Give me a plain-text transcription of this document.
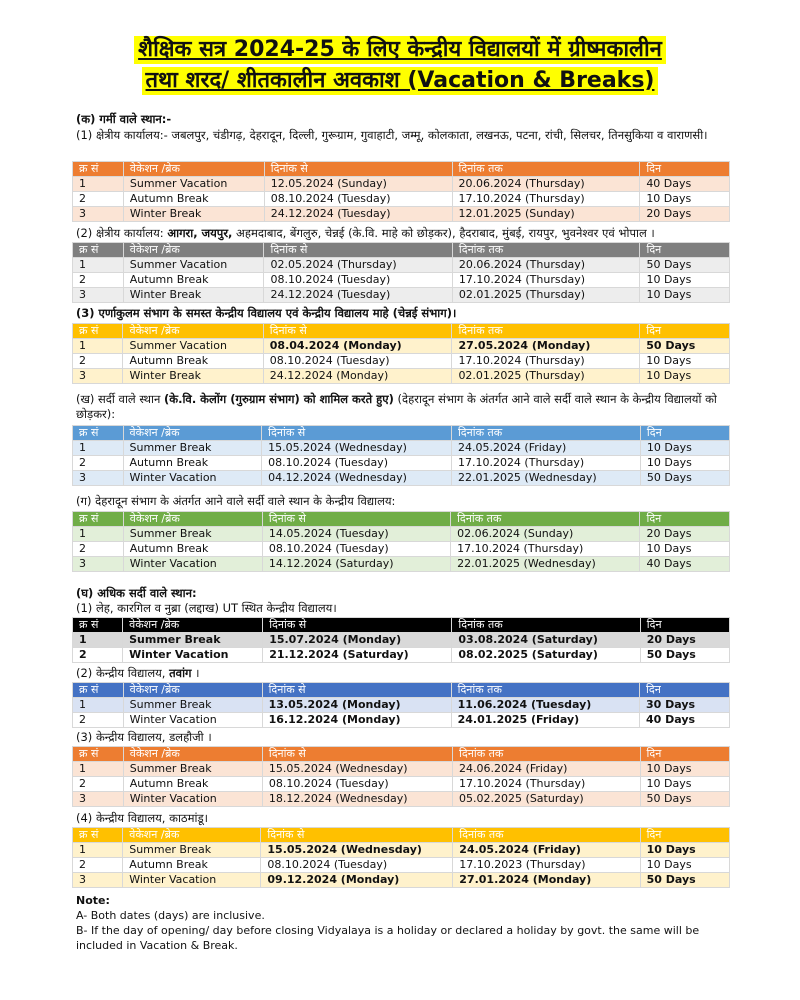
शैक्षिक सत्र 2024-25 के लिए केन्द्रीय विद्यालयों में ग्रीष्मकालीन
तथा शरद/ शीतकालीन अवकाश (Vacation & Breaks)
(क) गर्मी वाले स्थान:-
(1) क्षेत्रीय कार्यालय:- जबलपुर, चंडीगढ़, देहरादून, दिल्ली, गुरूग्राम, गुवाहाटी, जम्मू, कोलकाता, लखनऊ, पटना, रांची, सिलचर, तिनसुकिया व वाराणसी।
क्र सं	वेकेशन /ब्रेक	दिनांक से	दिनांक तक	दिन
1	Summer Vacation	12.05.2024 (Sunday)	20.06.2024 (Thursday)	40 Days
2	Autumn Break	08.10.2024 (Tuesday)	17.10.2024 (Thursday)	10 Days
3	Winter Break	24.12.2024 (Tuesday)	12.01.2025 (Sunday)	20 Days
(2) क्षेत्रीय कार्यालय: आगरा, जयपुर, अहमदाबाद, बेंगलुरु, चेन्नई (के.वि. माहे को छोड़कर), हैदराबाद, मुंबई, रायपुर, भुवनेश्वर एवं भोपाल ।
क्र सं	वेकेशन /ब्रेक	दिनांक से	दिनांक तक	दिन
1	Summer Vacation	02.05.2024 (Thursday)	20.06.2024 (Thursday)	50 Days
2	Autumn Break	08.10.2024 (Tuesday)	17.10.2024 (Thursday)	10 Days
3	Winter Break	24.12.2024 (Tuesday)	02.01.2025 (Thursday)	10 Days
(3) एर्णाकुलम संभाग के समस्त केन्द्रीय विद्यालय एवं केन्द्रीय विद्यालय माहे (चेन्नई संभाग)।
क्र सं	वेकेशन /ब्रेक	दिनांक से	दिनांक तक	दिन
1	Summer Vacation	08.04.2024 (Monday)	27.05.2024 (Monday)	50 Days
2	Autumn Break	08.10.2024 (Tuesday)	17.10.2024 (Thursday)	10 Days
3	Winter Break	24.12.2024 (Monday)	02.01.2025 (Thursday)	10 Days
(ख) सर्दी वाले स्थान (के.वि. केलोंग (गुरुग्राम संभाग) को शामिल करते हुए) (देहरादून संभाग के अंतर्गत आने वाले सर्दी वाले स्थान के केन्द्रीय विद्यालयों को छोड़कर):
क्र सं	वेकेशन /ब्रेक	दिनांक से	दिनांक तक	दिन
1	Summer Break	15.05.2024 (Wednesday)	24.05.2024 (Friday)	10 Days
2	Autumn Break	08.10.2024 (Tuesday)	17.10.2024 (Thursday)	10 Days
3	Winter Vacation	04.12.2024 (Wednesday)	22.01.2025 (Wednesday)	50 Days
(ग) देहरादून संभाग के अंतर्गत आने वाले सर्दी वाले स्थान के केन्द्रीय विद्यालय:
क्र सं	वेकेशन /ब्रेक	दिनांक से	दिनांक तक	दिन
1	Summer Break	14.05.2024 (Tuesday)	02.06.2024 (Sunday)	20 Days
2	Autumn Break	08.10.2024 (Tuesday)	17.10.2024 (Thursday)	10 Days
3	Winter Vacation	14.12.2024 (Saturday)	22.01.2025 (Wednesday)	40 Days
(घ) अधिक सर्दी वाले स्थान:
(1) लेह, कारगिल व नुब्रा (लद्दाख) UT स्थित केन्द्रीय विद्यालय।
क्र सं	वेकेशन /ब्रेक	दिनांक से	दिनांक तक	दिन
1	Summer Break	15.07.2024 (Monday)	03.08.2024 (Saturday)	20 Days
2	Winter Vacation	21.12.2024 (Saturday)	08.02.2025 (Saturday)	50 Days
(2) केन्द्रीय विद्यालय, तवांग ।
क्र सं	वेकेशन /ब्रेक	दिनांक से	दिनांक तक	दिन
1	Summer Break	13.05.2024 (Monday)	11.06.2024 (Tuesday)	30 Days
2	Winter Vacation	16.12.2024 (Monday)	24.01.2025 (Friday)	40 Days
(3) केन्द्रीय विद्यालय, डलहौजी ।
क्र सं	वेकेशन /ब्रेक	दिनांक से	दिनांक तक	दिन
1	Summer Break	15.05.2024 (Wednesday)	24.06.2024 (Friday)	10 Days
2	Autumn Break	08.10.2024 (Tuesday)	17.10.2024 (Thursday)	10 Days
3	Winter Vacation	18.12.2024 (Wednesday)	05.02.2025 (Saturday)	50 Days
(4) केन्द्रीय विद्यालय, काठमांडू।
क्र सं	वेकेशन /ब्रेक	दिनांक से	दिनांक तक	दिन
1	Summer Break	15.05.2024 (Wednesday)	24.05.2024 (Friday)	10 Days
2	Autumn Break	08.10.2024 (Tuesday)	17.10.2023 (Thursday)	10 Days
3	Winter Vacation	09.12.2024 (Monday)	27.01.2024 (Monday)	50 Days
Note:
A- Both dates (days) are inclusive.
B- If the day of opening/ day before closing Vidyalaya is a holiday or declared a holiday by govt. the same will be included in Vacation & Break.
